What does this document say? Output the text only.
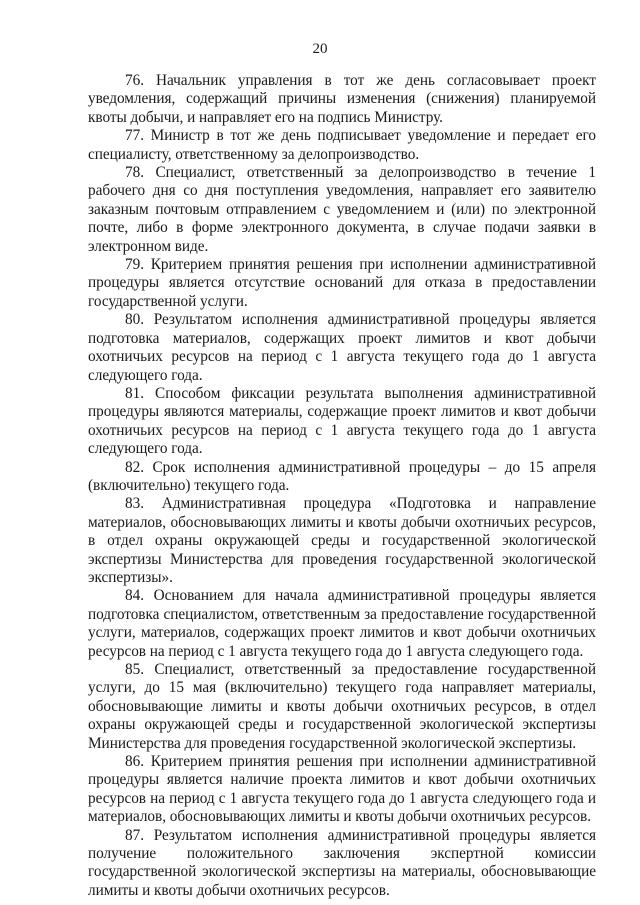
20

76. Начальник управления в тот же день согласовывает проект уведомления, содержащий причины изменения (снижения) планируемой квоты добычи, и направляет его на подпись Министру.

77. Министр в тот же день подписывает уведомление и передает его специалисту, ответственному за делопроизводство.

78. Специалист, ответственный за делопроизводство в течение 1 рабочего дня со дня поступления уведомления, направляет его заявителю заказным почтовым отправлением с уведомлением и (или) по электронной почте, либо в форме электронного документа, в случае подачи заявки в электронном виде.

79. Критерием принятия решения при исполнении административной процедуры является отсутствие оснований для отказа в предоставлении государственной услуги.

80. Результатом исполнения административной процедуры является подготовка материалов, содержащих проект лимитов и квот добычи охотничьих ресурсов на период с 1 августа текущего года до 1 августа следующего года.

81. Способом фиксации результата выполнения административной процедуры являются материалы, содержащие проект лимитов и квот добычи охотничьих ресурсов на период с 1 августа текущего года до 1 августа следующего года.

82. Срок исполнения административной процедуры – до 15 апреля (включительно) текущего года.

83. Административная процедура «Подготовка и направление материалов, обосновывающих лимиты и квоты добычи охотничьих ресурсов, в отдел охраны окружающей среды и государственной экологической экспертизы Министерства для проведения государственной экологической экспертизы».

84. Основанием для начала административной процедуры является подготовка специалистом, ответственным за предоставление государственной услуги, материалов, содержащих проект лимитов и квот добычи охотничьих ресурсов на период с 1 августа текущего года до 1 августа следующего года.

85. Специалист, ответственный за предоставление государственной услуги, до 15 мая (включительно) текущего года направляет материалы, обосновывающие лимиты и квоты добычи охотничьих ресурсов, в отдел охраны окружающей среды и государственной экологической экспертизы Министерства для проведения государственной экологической экспертизы.

86. Критерием принятия решения при исполнении административной процедуры является наличие проекта лимитов и квот добычи охотничьих ресурсов на период с 1 августа текущего года до 1 августа следующего года и материалов, обосновывающих лимиты и квоты добычи охотничьих ресурсов.

87. Результатом исполнения административной процедуры является получение положительного заключения экспертной комиссии государственной экологической экспертизы на материалы, обосновывающие лимиты и квоты добычи охотничьих ресурсов.
